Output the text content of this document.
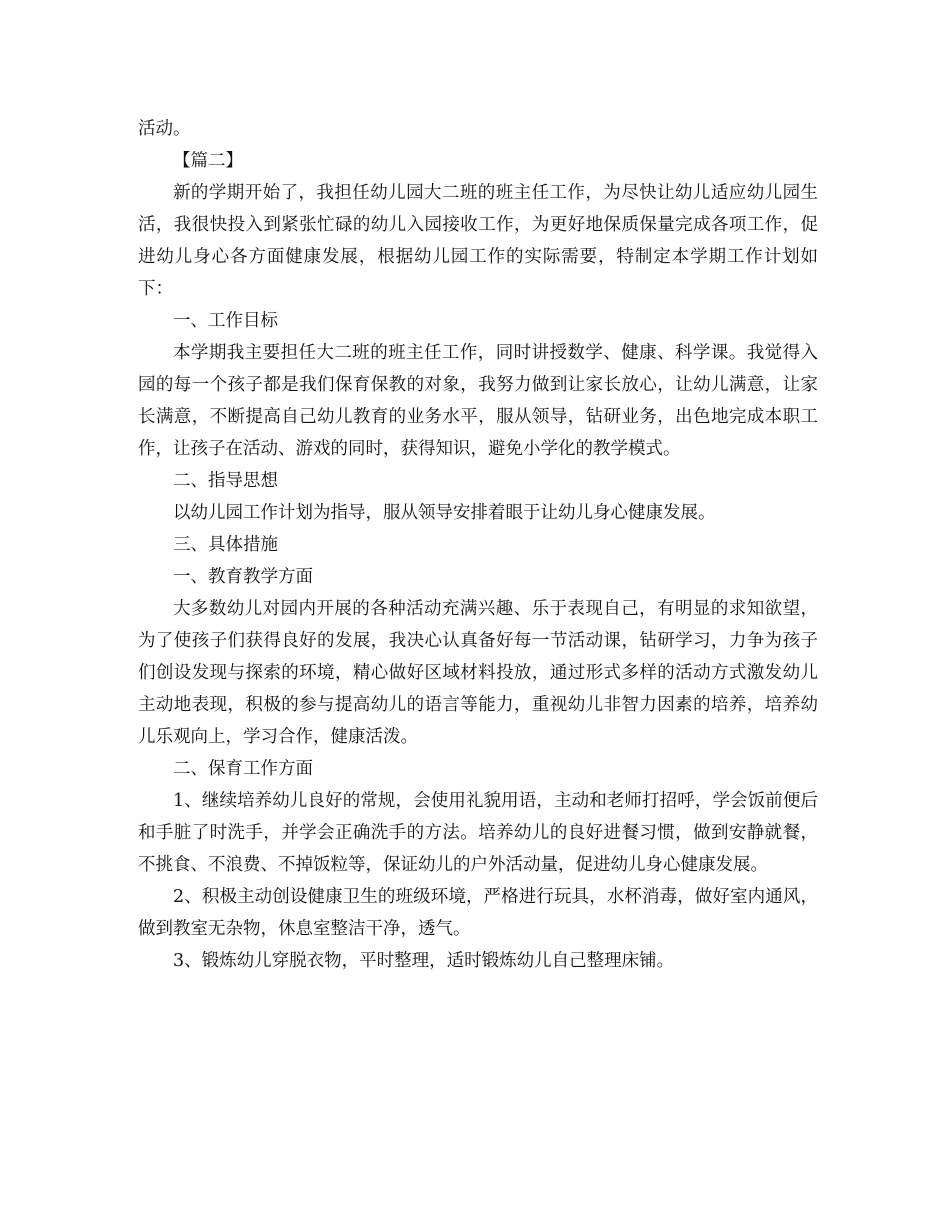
活动。

【篇二】

新的学期开始了，我担任幼儿园大二班的班主任工作，为尽快让幼儿适应幼儿园生活，我很快投入到紧张忙碌的幼儿入园接收工作，为更好地保质保量完成各项工作，促进幼儿身心各方面健康发展，根据幼儿园工作的实际需要，特制定本学期工作计划如下：

一、工作目标

本学期我主要担任大二班的班主任工作，同时讲授数学、健康、科学课。我觉得入园的每一个孩子都是我们保育保教的对象，我努力做到让家长放心，让幼儿满意，让家长满意，不断提高自己幼儿教育的业务水平，服从领导，钻研业务，出色地完成本职工作，让孩子在活动、游戏的同时，获得知识，避免小学化的教学模式。

二、指导思想

以幼儿园工作计划为指导，服从领导安排着眼于让幼儿身心健康发展。

三、具体措施

一、教育教学方面

大多数幼儿对园内开展的各种活动充满兴趣、乐于表现自己，有明显的求知欲望，为了使孩子们获得良好的发展，我决心认真备好每一节活动课，钻研学习，力争为孩子们创设发现与探索的环境，精心做好区域材料投放，通过形式多样的活动方式激发幼儿主动地表现，积极的参与提高幼儿的语言等能力，重视幼儿非智力因素的培养，培养幼儿乐观向上，学习合作，健康活泼。

二、保育工作方面

1、继续培养幼儿良好的常规，会使用礼貌用语，主动和老师打招呼，学会饭前便后和手脏了时洗手，并学会正确洗手的方法。培养幼儿的良好进餐习惯，做到安静就餐，不挑食、不浪费、不掉饭粒等，保证幼儿的户外活动量，促进幼儿身心健康发展。

2、积极主动创设健康卫生的班级环境，严格进行玩具，水杯消毒，做好室内通风，做到教室无杂物，休息室整洁干净，透气。

3、锻炼幼儿穿脱衣物，平时整理，适时锻炼幼儿自己整理床铺。
